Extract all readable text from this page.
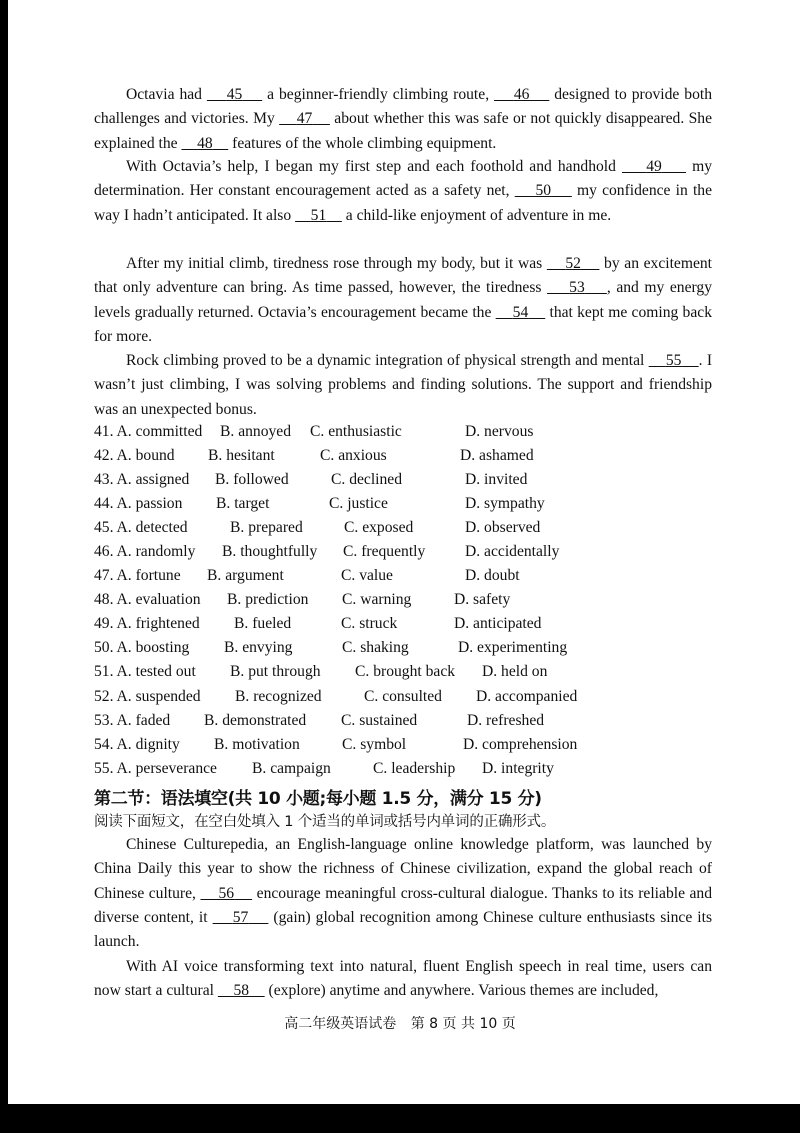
Octavia had     45     a beginner-friendly climbing route,     46     designed to provide both challenges and victories. My     47     about whether this was safe or not quickly disappeared. She explained the     48     features of the whole climbing equipment.

With Octavia’s help, I began my first step and each foothold and handhold     49     my determination. Her constant encouragement acted as a safety net,     50     my confidence in the way I hadn’t anticipated. It also     51     a child-like enjoyment of adventure in me.

After my initial climb, tiredness rose through my body, but it was     52     by an excitement that only adventure can bring. As time passed, however, the tiredness     53 , and my energy levels gradually returned. Octavia’s encouragement became the     54     that kept me coming back for more.

Rock climbing proved to be a dynamic integration of physical strength and mental     55 . I wasn’t just climbing, I was solving problems and finding solutions. The support and friendship was an unexpected bonus.

41. A. committed B. annoyed C. enthusiastic	D. nervous
42. A. bound B. hesitant	C. anxious	D. ashamed
43. A. assigned B. followed	C. declined	D. invited
44. A. passion B. target	C. justice	D. sympathy
45. A. detected	B. prepared	C. exposed	D. observed
46. A. randomly B. thoughtfully C. frequently	D. accidentally
47. A. fortune B. argument	C. value	D. doubt
48. A. evaluation B. prediction C. warning	D. safety
49. A. frightened B. fueled	C. struck	D. anticipated
50. A. boosting B. envying	C. shaking	D. experimenting
51. A. tested out B. put through C. brought back D. held on
52. A. suspended B. recognized	C. consulted D. accompanied
53. A. faded B. demonstrated C. sustained	D. refreshed
54. A. dignity B. motivation	C. symbol	D. comprehension
55. A. perseverance B. campaign	C. leadership D. integrity
第二节：语法填空(共 10 小题;每小题 1.5 分，满分 15 分)
阅读下面短文，在空白处填入 1 个适当的单词或括号内单词的正确形式。

Chinese Culturepedia, an English-language online knowledge platform, was launched by China Daily this year to show the richness of Chinese civilization, expand the global reach of Chinese culture,     56     encourage meaningful cross-cultural dialogue. Thanks to its reliable and diverse content, it     57     (gain) global recognition among Chinese culture enthusiasts since its launch.

With AI voice transforming text into natural, fluent English speech in real time, users can now start a cultural     58     (explore) anytime and anywhere. Various themes are included,

高二年级英语试卷 第 8 页 共 10 页
